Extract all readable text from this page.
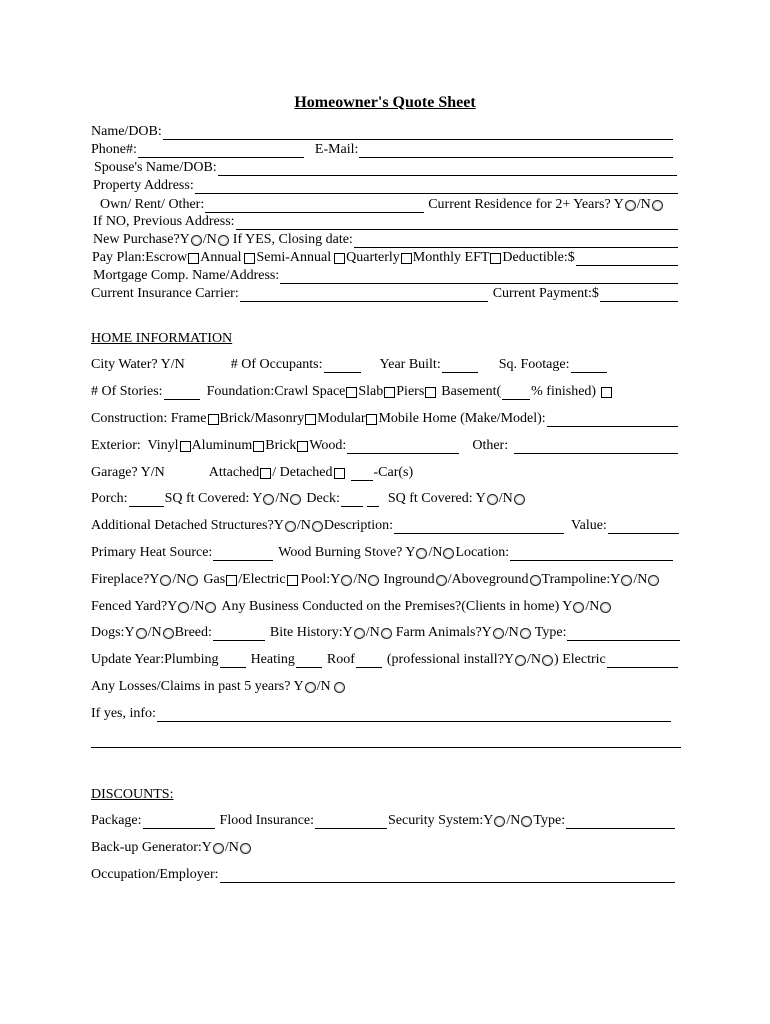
Homeowner's Quote Sheet
Name/DOB:
Phone#:	E-Mail:
Spouse's Name/DOB:
Property Address:
Own/ Rent/ Other:	Current Residence for 2+ Years? Y /N
If NO, Previous Address:
New Purchase?Y /N If YES, Closing date:
Pay Plan:Escrow Annual Semi-Annual Quarterly Monthly EFT Deductible:$
Mortgage Comp. Name/Address:
Current Insurance Carrier:	Current Payment:$
HOME INFORMATION
City Water? Y/N	# Of Occupants:	Year Built:	Sq. Footage:
# Of Stories:	Foundation:Crawl Space Slab Piers Basement( % finished)
Construction: Frame Brick/Masonry Modular Mobile Home (Make/Model):
Exterior:  Vinyl Aluminum Brick Wood:	Other:
Garage? Y/N	Attached / Detached	-Car(s)
Porch:	SQ ft Covered: Y /N Deck:	SQ ft Covered: Y /N
Additional Detached Structures?Y /N Description:	Value:
Primary Heat Source:	Wood Burning Stove? Y /N Location:
Fireplace?Y /N Gas /Electric Pool:Y /N Inground /Aboveground Trampoline:Y /N
Fenced Yard?Y /N Any Business Conducted on the Premises?(Clients in home) Y /N
Dogs:Y /N Breed:	Bite History:Y /N Farm Animals?Y /N Type:
Update Year:Plumbing Heating Roof (professional install?Y /N ) Electric
Any Losses/Claims in past 5 years? Y /N
If yes, info:
DISCOUNTS:
Package:	Flood Insurance:	Security System:Y /N Type:
Back-up Generator:Y /N
Occupation/Employer:
